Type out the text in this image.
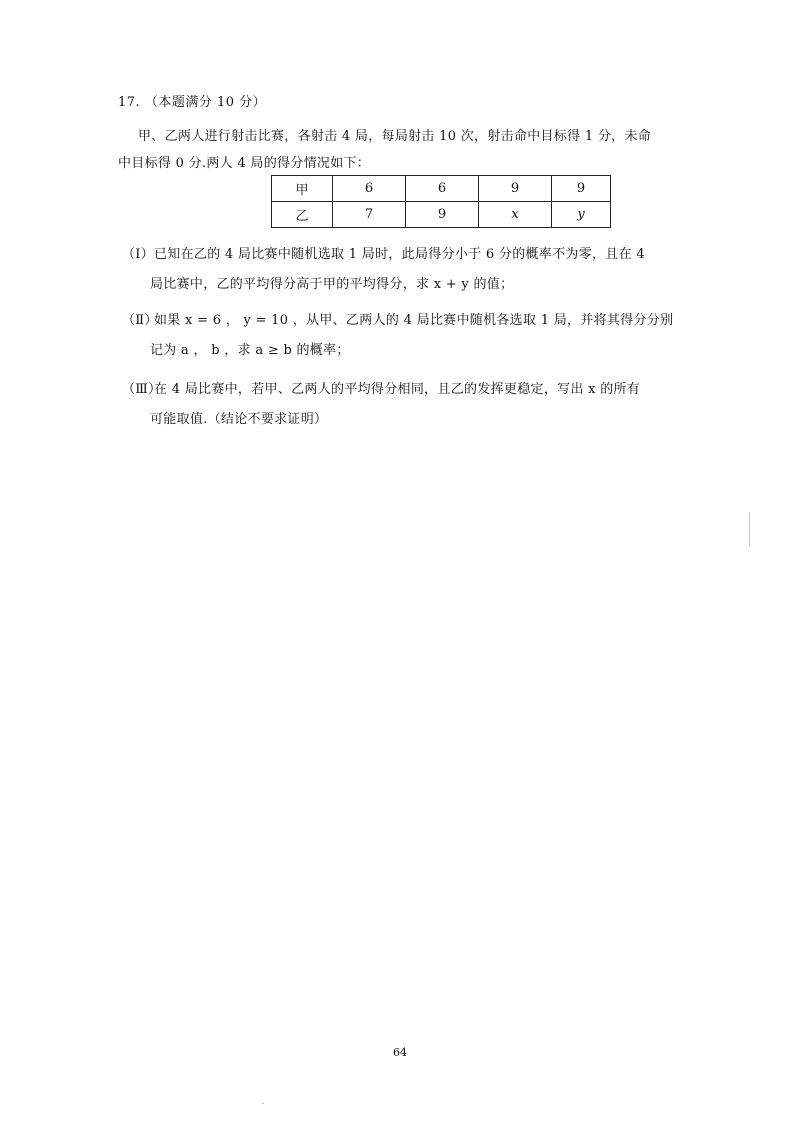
17. （本题满分 10 分）
甲、乙两人进行射击比赛，各射击 4 局，每局射击 10 次，射击命中目标得 1 分，未命
中目标得 0 分.两人 4 局的得分情况如下：
甲	6	6	9	9
乙	7	9	x	y
（Ⅰ）已知在乙的 4 局比赛中随机选取 1 局时，此局得分小于 6 分的概率不为零，且在 4
局比赛中，乙的平均得分高于甲的平均得分，求 x + y 的值；
（Ⅱ）如果 x = 6 ， y = 10 ，从甲、乙两人的 4 局比赛中随机各选取 1 局，并将其得分分别
记为 a ， b ，求 a ≥ b 的概率；
（Ⅲ）在 4 局比赛中，若甲、乙两人的平均得分相同，且乙的发挥更稳定，写出 x 的所有
可能取值.（结论不要求证明）
64
